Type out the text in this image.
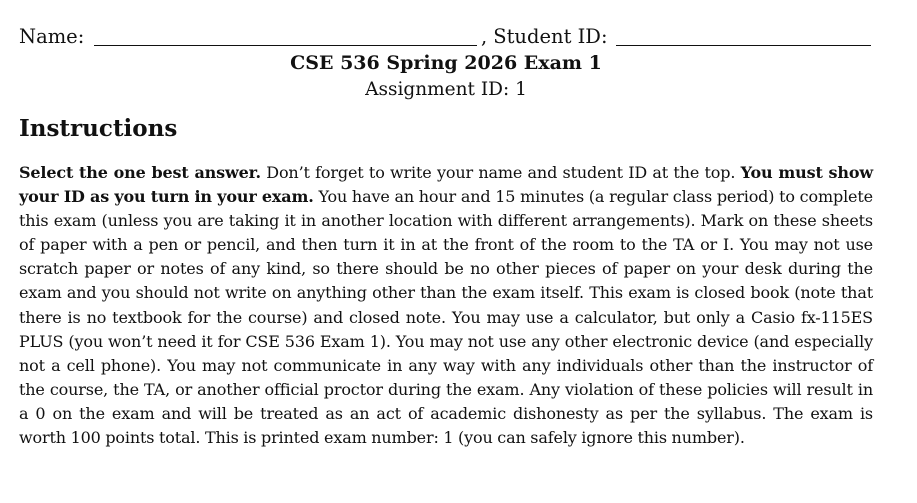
Name:	, Student ID:
CSE 536 Spring 2026 Exam 1
Assignment ID: 1
Instructions

Select the one best answer. Don’t forget to write your name and student ID at the top. You must show your ID as you turn in your exam. You have an hour and 15 minutes (a regular class period) to complete this exam (unless you are taking it in another location with different arrangements). Mark on these sheets of paper with a pen or pencil, and then turn it in at the front of the room to the TA or I. You may not use scratch paper or notes of any kind, so there should be no other pieces of paper on your desk during the exam and you should not write on anything other than the exam itself. This exam is closed book (note that there is no textbook for the course) and closed note. You may use a calculator, but only a Casio fx-115ES PLUS (you won’t need it for CSE 536 Exam 1). You may not use any other electronic device (and especially not a cell phone). You may not communicate in any way with any individuals other than the instructor of the course, the TA, or another official proctor during the exam. Any violation of these policies will result in a 0 on the exam and will be treated as an act of academic dishonesty as per the syllabus. The exam is worth 100 points total. This is printed exam number: 1 (you can safely ignore this number).
